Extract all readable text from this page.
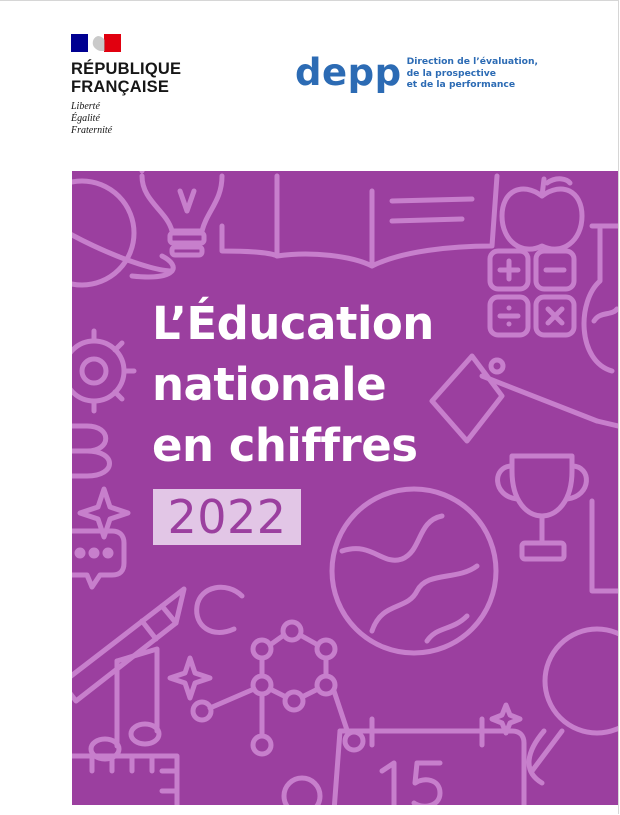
RÉPUBLIQUE
FRANÇAISE
Liberté
Égalité
Fraternité
depp Direction de l’évaluation,
de la prospective
et de la performance
L’Éducation
nationale
en chiffres
2022
